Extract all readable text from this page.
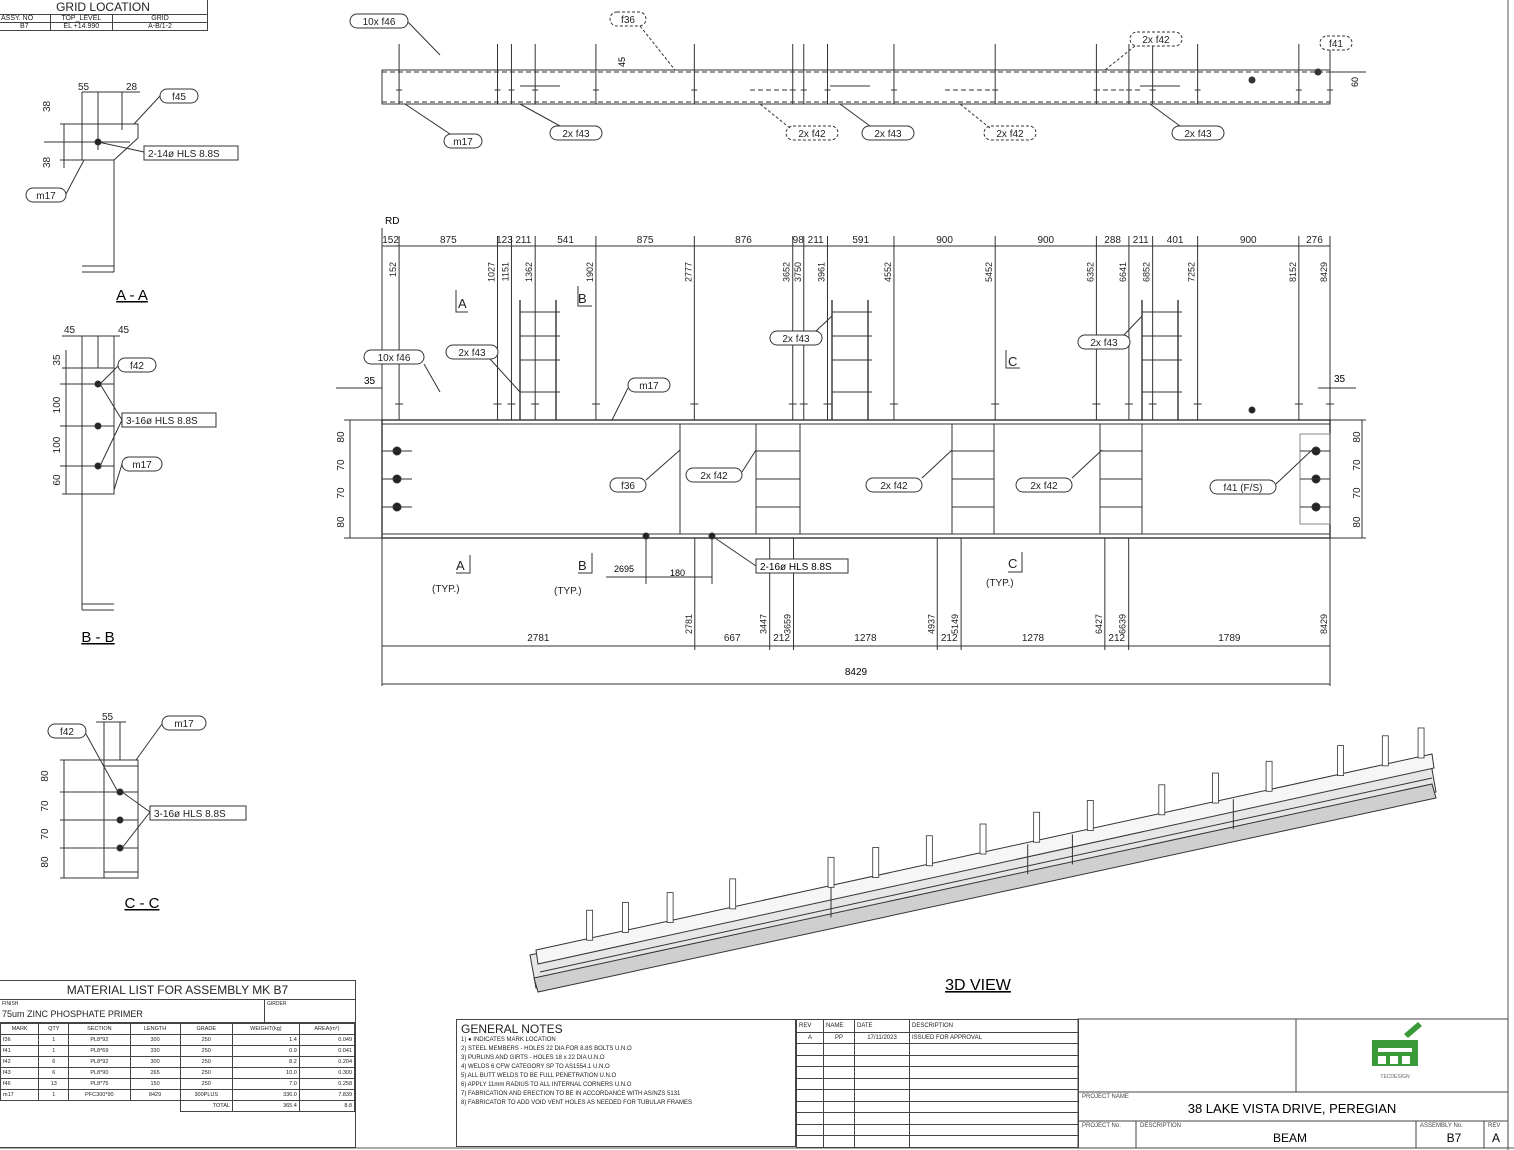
10x f46	f36
2x f42	f41
m17
2x f43	2x f42	2x f43	2x f42	2x f43
45
60
152
152
875
1027
123
1151
211
1362
541
1902
875
2777
876
3652
98
3750
211
3961
591
4552
900
5452
900
6352
288
6641
211
6852
401
7252
900
8152
276
8429
2781
2781
667
3447
212
3659
1278
4937
212
5149
1278
6427
212
6639
1789
8429
RD
10x f46	2x f43
m17
2x f43	2x f43
f36
2x f42
2x f42	2x f42	f41 (F/S)
2-16ø HLS 8.8S
2695	180
35	35
80
70
70
80
80
70
70
80
A	B
C
A	B	C
(TYP.)	(TYP.)
(TYP.)
8429
55	28
38
38
f45
m17
2-14ø HLS 8.8S
A - A
45	45
35
100
100
60
f42
m17
3-16ø HLS 8.8S
B - B
55
80
70
70
80
f42
m17
3-16ø HLS 8.8S
C - C
3D VIEW
TECDESIGN
PROJECT NAME
PROJECT No.	DESCRIPTION	ASSEMBLY No.	REV
38 LAKE VISTA DRIVE, PEREGIAN
BEAM	B7	A
GRID LOCATION		
ASSY. NO	TOP_LEVEL	GRID
B7	EL +14.990	A-B/1-2
MATERIAL LIST FOR ASSEMBLY MK B7
FINISH
75um ZINC PHOSPHATE PRIMER
GIRDER
MARK	QTY	SECTION	LENGTH	GRADE	WEIGHT(kg)	AREA(m²)
f36	1	PL8*92	300	250	1.4	0.049
f41	1	PL8*69	330	250	0.9	0.041
f42	6	PL8*92	300	250	8.2	0.204
f43	6	PL8*90	265	250	10.0	0.300
f46	13	PL8*75	150	250	7.0	0.258
m17	1	PFC300*90	8429	300PLUS	336.0	7.839
				TOTAL	365.4	8.8
GENERAL NOTES
1) ● INDICATES MARK LOCATION
2) STEEL MEMBERS - HOLES 22 DIA FOR 8.8S BOLTS U.N.O
3) PURLINS AND GIRTS - HOLES 18 x 22 DIA U.N.O
4) WELDS 6 CFW CATEGORY SP TO AS1554.1 U.N.O
5) ALL BUTT WELDS TO BE FULL PENETRATION U.N.O
6) APPLY 11mm RADIUS TO ALL INTERNAL CORNERS U.N.O
7) FABRICATION AND ERECTION TO BE IN ACCORDANCE WITH AS/NZS 5131
8) FABRICATOR TO ADD VOID VENT HOLES AS NEEDED FOR TUBULAR FRAMES
REV	NAME	DATE	DESCRIPTION
A	PP	17/11/2023	ISSUED FOR APPROVAL
